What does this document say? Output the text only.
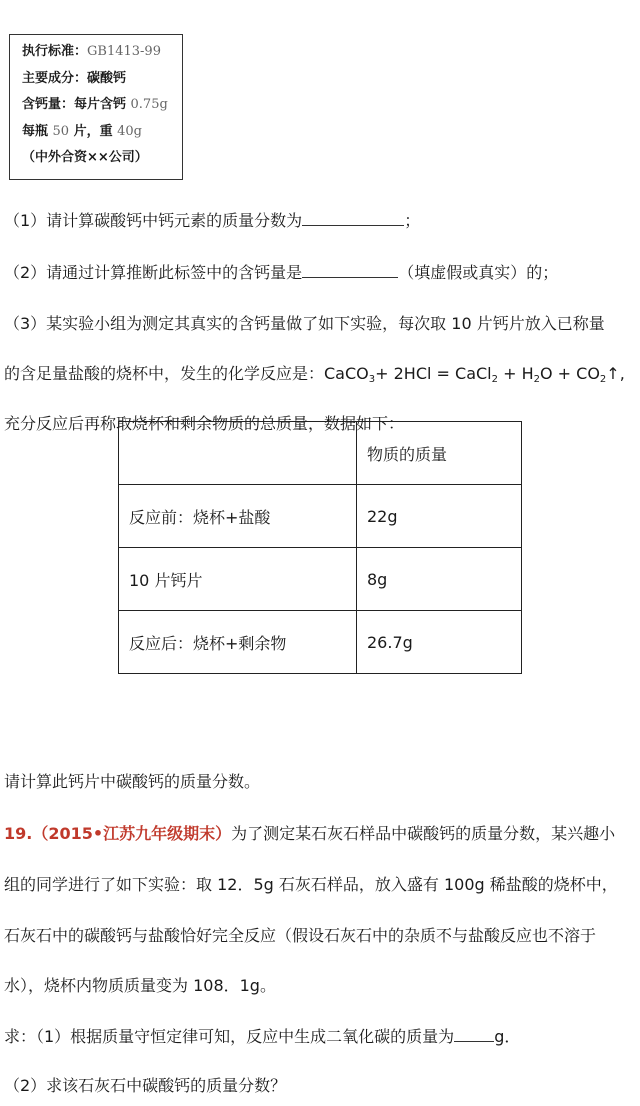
执行标准：GB1413-99
主要成分：碳酸钙
含钙量：每片含钙 0.75g
每瓶 50 片，重 40g
（中外合资××公司）
（1）请计算碳酸钙中钙元素的质量分数为	；
（2）请通过计算推断此标签中的含钙量是	（填虚假或真实）的；
（3）某实验小组为测定其真实的含钙量做了如下实验，每次取 10 片钙片放入已称量
的含足量盐酸的烧杯中，发生的化学反应是：CaCO$_3$+ 2HCl = CaCl$_2$ + $H_2O$ + $CO_2↑$,
充分反应后再称取烧杯和剩余物质的总质量，数据如下：
	物质的质量
反应前：烧杯+盐酸	22g
10 片钙片	8g
反应后：烧杯+剩余物	26.7g
请计算此钙片中碳酸钙的质量分数。
19.（2015•江苏九年级期末）为了测定某石灰石样品中碳酸钙的质量分数，某兴趣小
组的同学进行了如下实验：取 12．5g 石灰石样品，放入盛有 100g 稀盐酸的烧杯中，
石灰石中的碳酸钙与盐酸恰好完全反应（假设石灰石中的杂质不与盐酸反应也不溶于
水），烧杯内物质质量变为 108．1g。
求：（1）根据质量守恒定律可知，反应中生成二氧化碳的质量为	g．
（2）求该石灰石中碳酸钙的质量分数？
